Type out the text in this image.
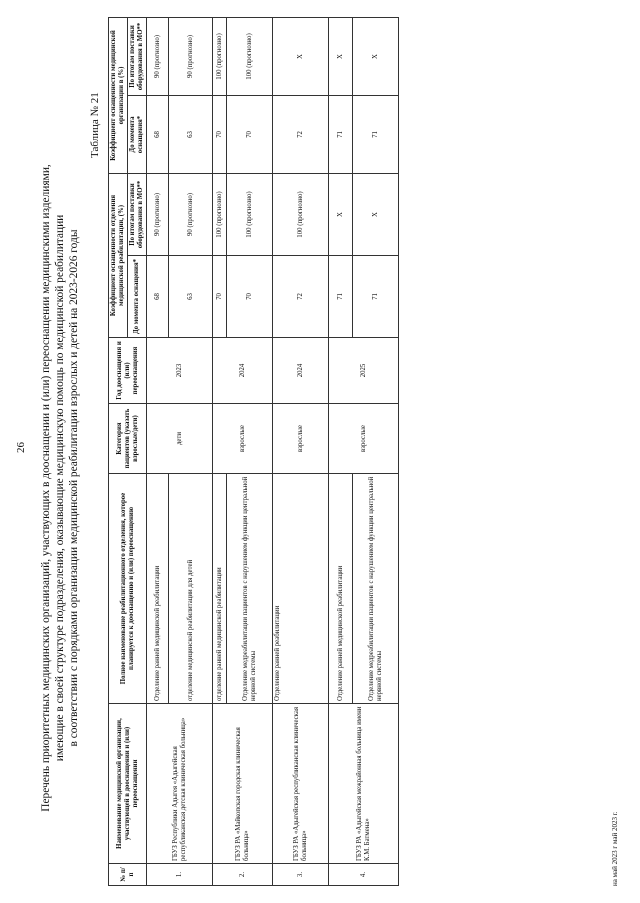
26 Перечень приоритетных медицинских организаций, участвующих в дооснащении и (или) переоснащении медицинскими изделиями, имеющие в своей структуре подразделения, оказывающие медицинскую помощь по медицинской реабилитации в соответствии с порядками организации медицинской реабилитации взрослых и детей на 2023-2026 годы
Таблица № 21
№ п/п	Наименование медицинской организации, участвующей в дооснащении и (или) переоснащении	Полное наименование реабилитационного отделения, которое планируется к дооснащению и (или) переоснащению	Категория пациентов (указать взрослые/дети)	Год дооснащения и (или) переоснащения	Коэффициент оснащенности отделения медицинской реабилитации, (%)		Коэффициент оснащенности медицинской организации в (%)	
					До момента оснащения*	По итогам поставки оборудования в МО**	До момента оснащения*	По итогам поставки оборудования в МО**
1.	ГБУЗ Республики Адыгея «Адыгейская республиканская детская клиническая больница»	Отделение ранней медицинской реабилитации	дети	2023	68	90 (прогнозно)	68	90 (прогнозно)
		отделение медицинской реабилитации для детей			63	90 (прогнозно)	63	90 (прогнозно)
2.	ГБУЗ РА «Майкопская городская клиническая больница»	отделение ранней медицинской реабилитации	взрослые	2024	70	100 (прогнозно)	70	100 (прогнозно)
		Отделение медреабилитации пациентов с нарушением функции центральной нервной системы			70	100 (прогнозно)	70	100 (прогнозно)
3.	ГБУЗ РА «Адыгейская республиканская клиническая больница»	Отделение ранней реабилитации	взрослые	2024	72	100 (прогнозно)	72	X
4.	ГБУЗ РА «Адыгейская межрайонная больница имени К.М. Батмена»	Отделение ранней медицинской реабилитации	взрослые	2025	71	X	71	X
		Отделение медреабилитации пациентов с нарушением функции центральной нервной системы			71	X	71	X
на май 2023 г май 2023 г.
